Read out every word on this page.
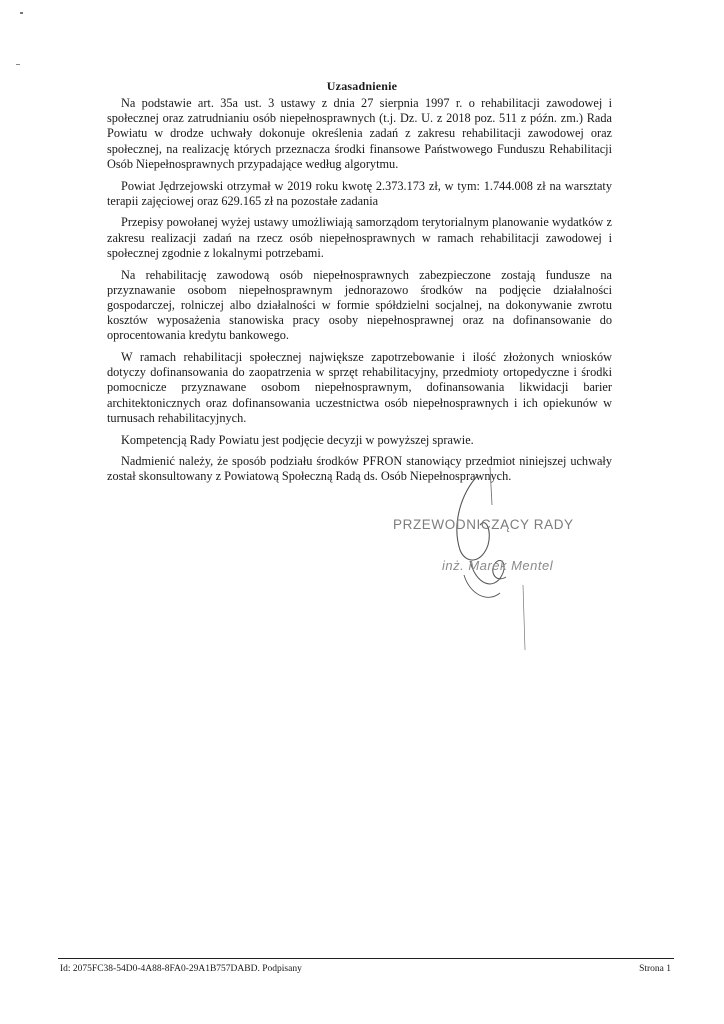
Uzasadnienie

Na podstawie art. 35a ust. 3 ustawy z dnia 27 sierpnia 1997 r. o rehabilitacji zawodowej i społecznej oraz zatrudnianiu osób niepełnosprawnych (t.j. Dz. U. z 2018 poz. 511 z późn. zm.) Rada Powiatu w drodze uchwały dokonuje określenia zadań z zakresu rehabilitacji zawodowej oraz społecznej, na realizację których przeznacza środki finansowe Państwowego Funduszu Rehabilitacji Osób Niepełnosprawnych przypadające według algorytmu.

Powiat Jędrzejowski otrzymał w 2019 roku kwotę 2.373.173 zł, w tym: 1.744.008 zł na warsztaty terapii zajęciowej oraz 629.165 zł na pozostałe zadania

Przepisy powołanej wyżej ustawy umożliwiają samorządom terytorialnym planowanie wydatków z zakresu realizacji zadań na rzecz osób niepełnosprawnych w ramach rehabilitacji zawodowej i społecznej zgodnie z lokalnymi potrzebami.

Na rehabilitację zawodową osób niepełnosprawnych zabezpieczone zostają fundusze na przyznawanie osobom niepełnosprawnym jednorazowo środków na podjęcie działalności gospodarczej, rolniczej albo działalności w formie spółdzielni socjalnej, na dokonywanie zwrotu kosztów wyposażenia stanowiska pracy osoby niepełnosprawnej oraz na dofinansowanie do oprocentowania kredytu bankowego.

W ramach rehabilitacji społecznej największe zapotrzebowanie i ilość złożonych wniosków dotyczy dofinansowania do zaopatrzenia w sprzęt rehabilitacyjny, przedmioty ortopedyczne i środki pomocnicze przyznawane osobom niepełnosprawnym, dofinansowania likwidacji barier architektonicznych oraz dofinansowania uczestnictwa osób niepełnosprawnych i ich opiekunów w turnusach rehabilitacyjnych.

Kompetencją Rady Powiatu jest podjęcie decyzji w powyższej sprawie.

Nadmienić należy, że sposób podziału środków PFRON stanowiący przedmiot niniejszej uchwały został skonsultowany z Powiatową Społeczną Radą ds. Osób Niepełnosprawnych.

PRZEWODNICZĄCY RADY
inż. Marek Mentel
Id: 2075FC38-54D0-4A88-8FA0-29A1B757DABD. Podpisany	Strona 1
